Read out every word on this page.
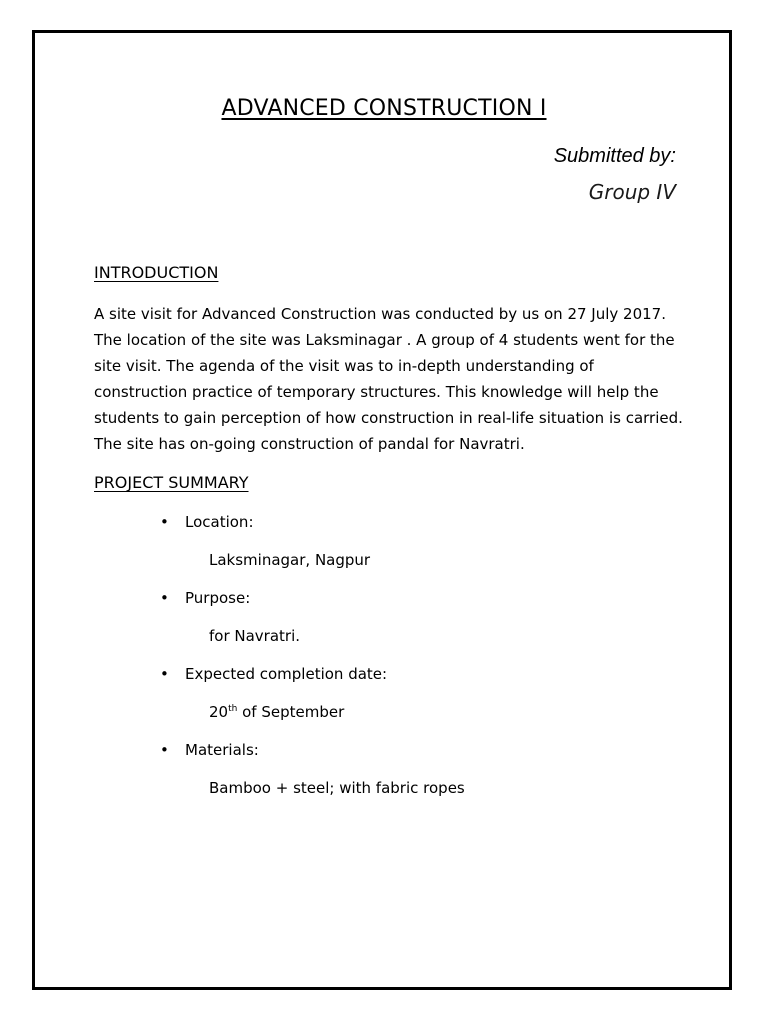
ADVANCED CONSTRUCTION I
Submitted by:
Group IV
INTRODUCTION

A site visit for Advanced Construction was conducted by us on 27 July 2017. The location of the site was Laksminagar . A group of 4 students went for the site visit. The agenda of the visit was to in-depth understanding of construction practice of temporary structures. This knowledge will help the students to gain perception of how construction in real-life situation is carried. The site has on-going construction of pandal for Navratri.

PROJECT SUMMARY
• Location:
Laksminagar, Nagpur
• Purpose:
for Navratri.
• Expected completion date:
20th of September
• Materials:
Bamboo + steel; with fabric ropes
